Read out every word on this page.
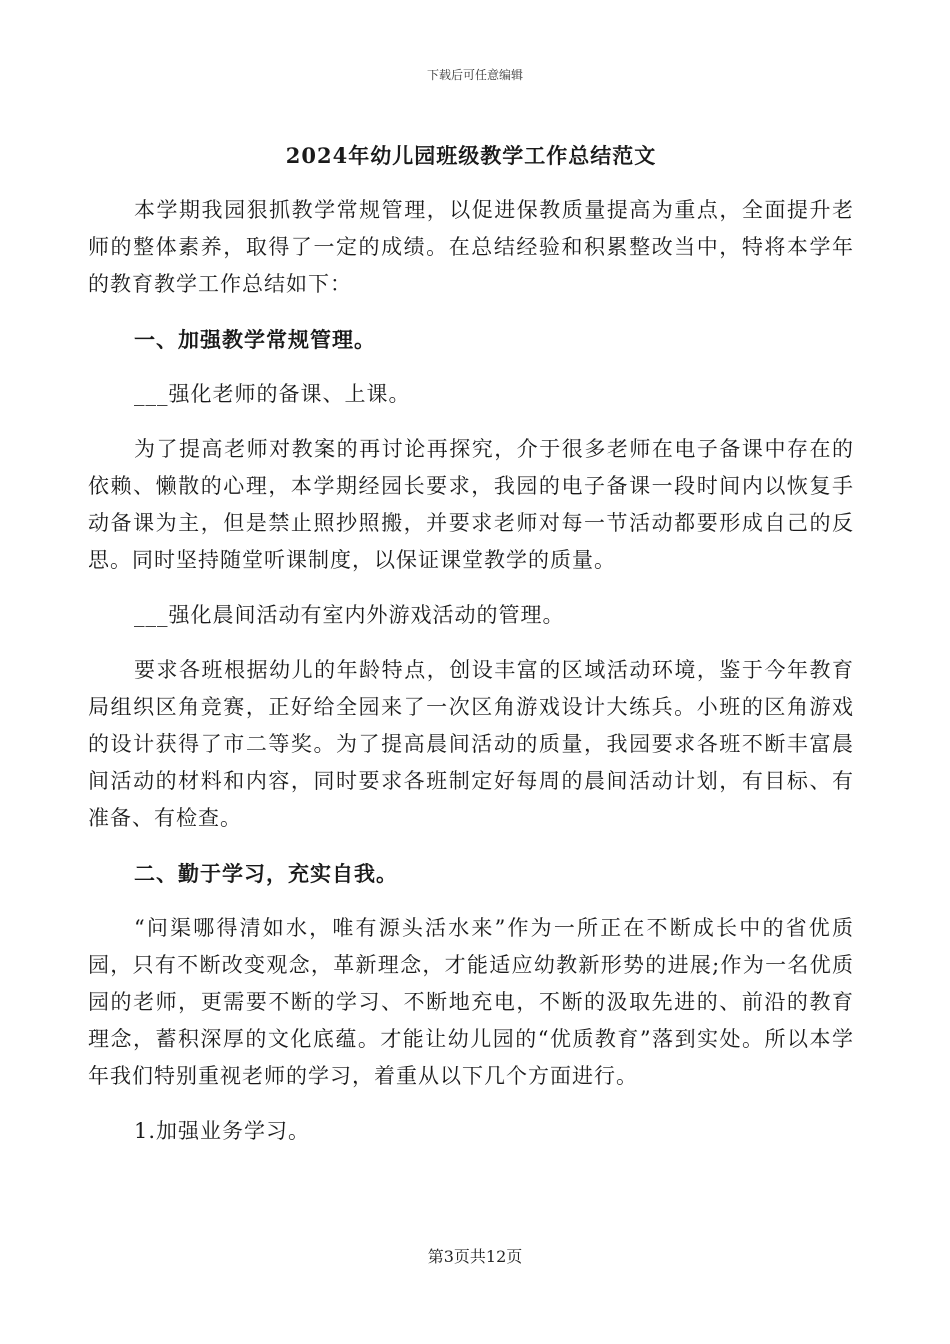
下载后可任意编辑
2024年幼儿园班级教学工作总结范文

本学期我园狠抓教学常规管理，以促进保教质量提高为重点，全面提升老师的整体素养，取得了一定的成绩。在总结经验和积累整改当中，特将本学年的教育教学工作总结如下：

一、加强教学常规管理。

___强化老师的备课、上课。

为了提高老师对教案的再讨论再探究，介于很多老师在电子备课中存在的依赖、懒散的心理，本学期经园长要求，我园的电子备课一段时间内以恢复手动备课为主，但是禁止照抄照搬，并要求老师对每一节活动都要形成自己的反思。同时坚持随堂听课制度，以保证课堂教学的质量。

___强化晨间活动有室内外游戏活动的管理。

要求各班根据幼儿的年龄特点，创设丰富的区域活动环境，鉴于今年教育局组织区角竞赛，正好给全园来了一次区角游戏设计大练兵。小班的区角游戏的设计获得了市二等奖。为了提高晨间活动的质量，我园要求各班不断丰富晨间活动的材料和内容，同时要求各班制定好每周的晨间活动计划，有目标、有准备、有检查。

二、勤于学习，充实自我。

“问渠哪得清如水，唯有源头活水来”作为一所正在不断成长中的省优质园，只有不断改变观念，革新理念，才能适应幼教新形势的进展;作为一名优质园的老师，更需要不断的学习、不断地充电，不断的汲取先进的、前沿的教育理念，蓄积深厚的文化底蕴。才能让幼儿园的“优质教育”落到实处。所以本学年我们特别重视老师的学习，着重从以下几个方面进行。

1.加强业务学习。

第3页共12页
